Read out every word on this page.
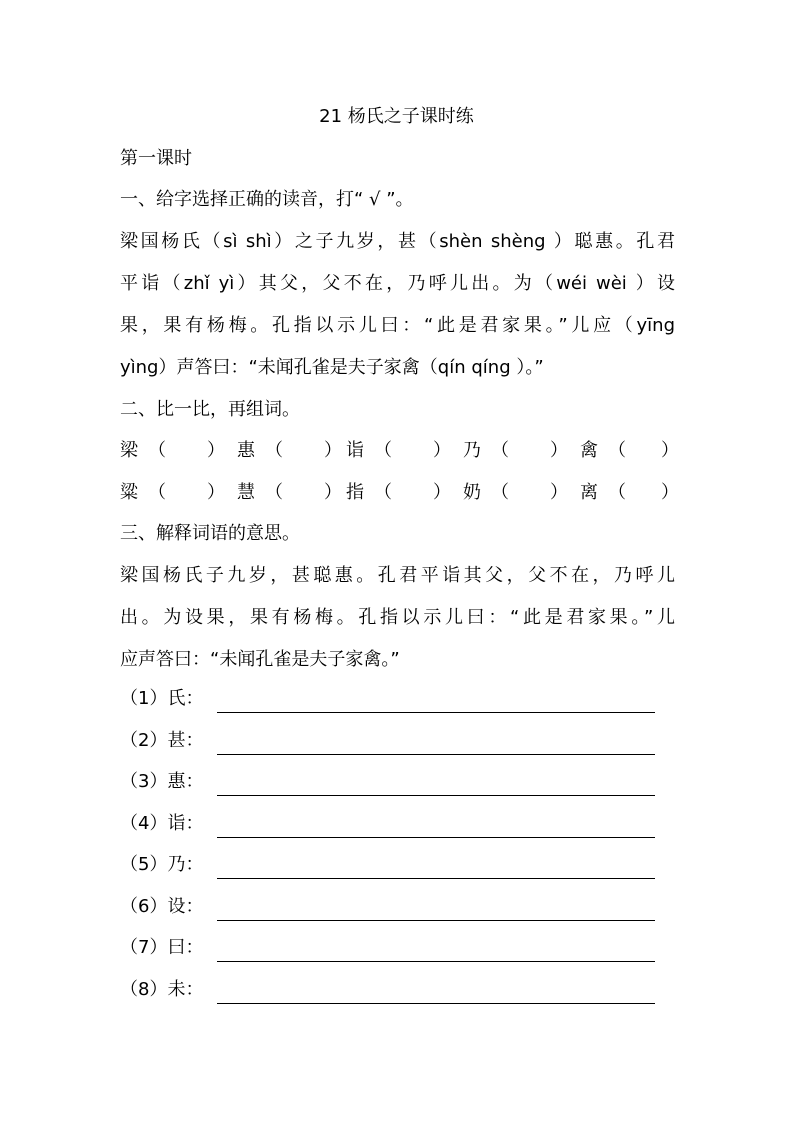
21 杨氏之子课时练
第一课时
一、给字选择正确的读音，打“ √ ”。
梁国杨氏（sì shì）之子九岁，甚（shèn shèng ）聪惠。孔君
平诣（zhǐ yì）其父，父不在，乃呼儿出。为（wéi wèi ）设
果，果有杨梅。孔指以示儿曰：“此是君家果。”儿应（yīng
yìng）声答曰：“未闻孔雀是夫子家禽（qín qíng ）。”
二、比一比，再组词。
梁 （ ） 惠 （ ） 诣 （ ） 乃 （ ） 禽 （ ）
粱 （ ） 慧 （ ） 指 （ ） 奶 （ ） 离 （ ）
三、解释词语的意思。
梁国杨氏子九岁，甚聪惠。孔君平诣其父，父不在，乃呼儿
出。为设果，果有杨梅。孔指以示儿曰：“此是君家果。”儿
应声答曰：“未闻孔雀是夫子家禽。”
（1）氏：
（2）甚：
（3）惠：
（4）诣：
（5）乃：
（6）设：
（7）曰：
（8）未：
